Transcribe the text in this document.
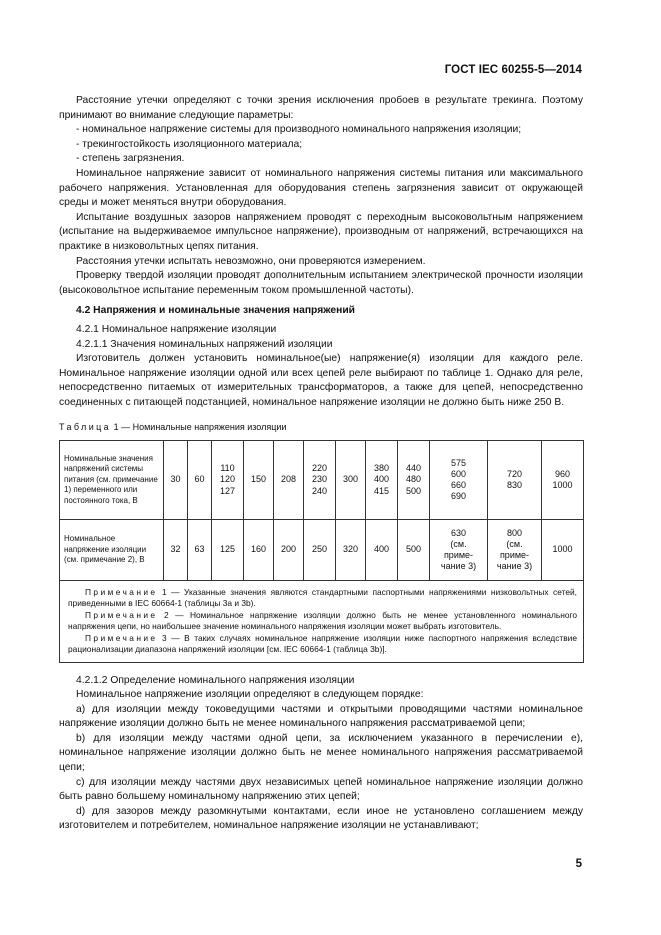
ГОСТ IEC 60255-5—2014

Расстояние утечки определяют с точки зрения исключения пробоев в результате трекинга. Поэтому принимают во внимание следующие параметры:

- номинальное напряжение системы для производного номинального напряжения изоляции;

- трекингостойкость изоляционного материала;

- степень загрязнения.

Номинальное напряжение зависит от номинального напряжения системы питания или максимального рабочего напряжения. Установленная для оборудования степень загрязнения зависит от окружающей среды и может меняться внутри оборудования.

Испытание воздушных зазоров напряжением проводят с переходным высоковольтным напряжением (испытание на выдерживаемое импульсное напряжение), производным от напряжений, встречающихся на практике в низковольтных цепях питания.

Расстояния утечки испытать невозможно, они проверяются измерением.

Проверку твердой изоляции проводят дополнительным испытанием электрической прочности изоляции (высоковольтное испытание переменным током промышленной частоты).

4.2 Напряжения и номинальные значения напряжений

4.2.1 Номинальное напряжение изоляции

4.2.1.1 Значения номинальных напряжений изоляции

Изготовитель должен установить номинальное(ые) напряжение(я) изоляции для каждого реле. Номинальное напряжение изоляции одной или всех цепей реле выбирают по таблице 1. Однако для реле, непосредственно питаемых от измерительных трансформаторов, а также для цепей, непосредственно соединенных с питающей подстанцией, номинальное напряжение изоляции не должно быть ниже 250 В.

Таблица 1 — Номинальные напряжения изоляции

Номинальные значения напряжений системы питания (см. примечание 1) переменного или постоянного тока, В	30	60	110
120
127	150	208	220
230
240	300	380
400
415	440
480
500	575
600
660
690	720
830	960
1000
Номинальное напряжение изоляции (см. примечание 2), В	32	63	125	160	200	250	320	400	500	630
(см.
приме-
чание 3)	800
(см.
приме-
чание 3)	1000

Примечание 1 — Указанные значения являются стандартными паспортными напряжениями низковольтных сетей, приведенными в IEC 60664-1 (таблицы 3a и 3b).

Примечание 2 — Номинальное напряжение изоляции должно быть не менее установленного номинального напряжения цепи, но наибольшее значение номинального напряжения изоляции может выбрать изготовитель.

Примечание 3 — В таких случаях номинальное напряжение изоляции ниже паспортного напряжения вследствие рационализации диапазона напряжений изоляции [см. IEC 60664-1 (таблица 3b)].												

4.2.1.2 Определение номинального напряжения изоляции

Номинальное напряжение изоляции определяют в следующем порядке:

a) для изоляции между токоведущими частями и открытыми проводящими частями номинальное напряжение изоляции должно быть не менее номинального напряжения рассматриваемой цепи;

b) для изоляции между частями одной цепи, за исключением указанного в перечислении e), номинальное напряжение изоляции должно быть не менее номинального напряжения рассматриваемой цепи;

c) для изоляции между частями двух независимых цепей номинальное напряжение изоляции должно быть равно большему номинальному напряжению этих цепей;

d) для зазоров между разомкнутыми контактами, если иное не установлено соглашением между изготовителем и потребителем, номинальное напряжение изоляции не устанавливают;

5
